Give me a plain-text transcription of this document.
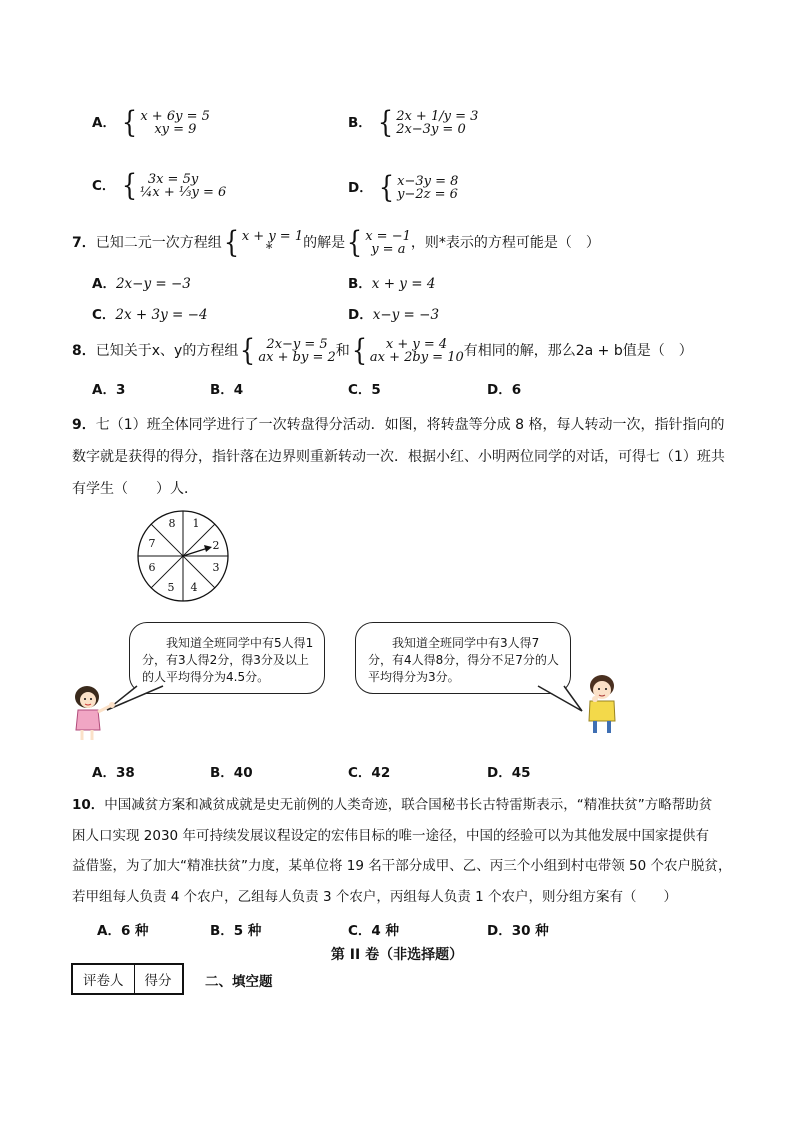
A． { x + 6y = 5
xy = 9	B． { 2x + 1/y = 3
2x−3y = 0
C． { 3x = 5y
¼x + ⅓y = 6	D． { x−3y = 8
y−2z = 6
7．已知二元一次方程组 { x + y = 1
*	的解是 { x = −1
y = a ，则*表示的方程可能是（　）
A．2x−y = −3	B．x + y = 4
C．2x + 3y = −4	D．x−y = −3
8．已知关于x、y的方程组 { 2x−y = 5
ax + by = 2 和 {	x + y = 4
ax + 2by = 10 有相同的解，那么2a + b值是（　）
A．3	B．4	C．5	D．6
9．七（1）班全体同学进行了一次转盘得分活动．如图，将转盘等分成 8 格，每人转动一次，指针指向的
数字就是获得的得分，指针落在边界则重新转动一次．根据小红、小明两位同学的对话，可得七（1）班共
有学生（　　）人．
1
2
3
4
5
6
7
8
我知道全班同学中有5人得1分，有3人得2分，得3分及以上的人平均得分为4.5分。
我知道全班同学中有3人得7分，有4人得8分，得分不足7分的人平均得分为3分。
A．38	B．40	C．42	D．45
10．中国减贫方案和减贫成就是史无前例的人类奇迹，联合国秘书长古特雷斯表示，“精准扶贫”方略帮助贫
困人口实现 2030 年可持续发展议程设定的宏伟目标的唯一途径，中国的经验可以为其他发展中国家提供有
益借鉴，为了加大“精准扶贫”力度，某单位将 19 名干部分成甲、乙、丙三个小组到村屯带领 50 个农户脱贫，
若甲组每人负责 4 个农户，乙组每人负责 3 个农户，丙组每人负责 1 个农户，则分组方案有（　　）
A．6 种	B．5 种	C．4 种	D．30 种
第 II 卷（非选择题）
评卷人	得分	二、填空题
